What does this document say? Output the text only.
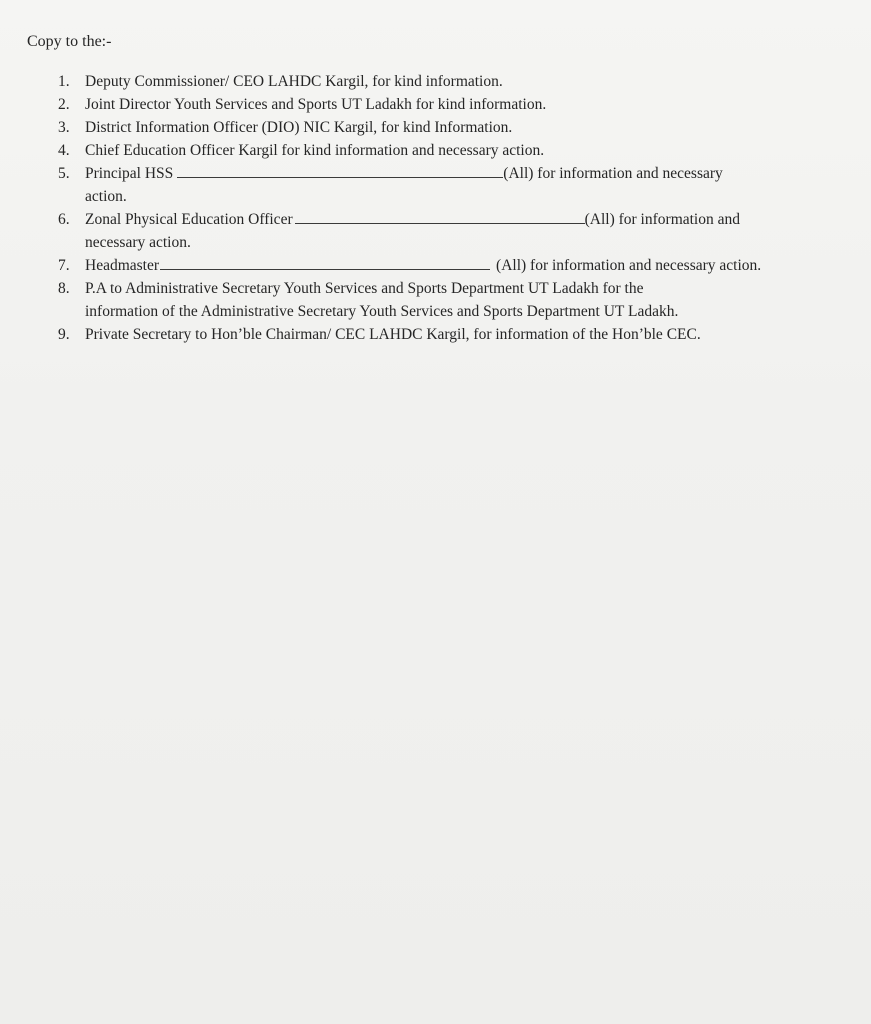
Copy to the:-
1. Deputy Commissioner/ CEO LAHDC Kargil, for kind information.
2. Joint Director Youth Services and Sports UT Ladakh for kind information.
3. District Information Officer (DIO) NIC Kargil, for kind Information.
4. Chief Education Officer Kargil for kind information and necessary action.
5. Principal HSS	(All) for information and necessary
action.
6. Zonal Physical Education Officer	(All) for information and
necessary action.
7. Headmaster	(All) for information and necessary action.
8. P.A to Administrative Secretary Youth Services and Sports Department UT Ladakh for the
information of the Administrative Secretary Youth Services and Sports Department UT Ladakh.
9. Private Secretary to Hon’ble Chairman/ CEC LAHDC Kargil, for information of the Hon’ble CEC.
